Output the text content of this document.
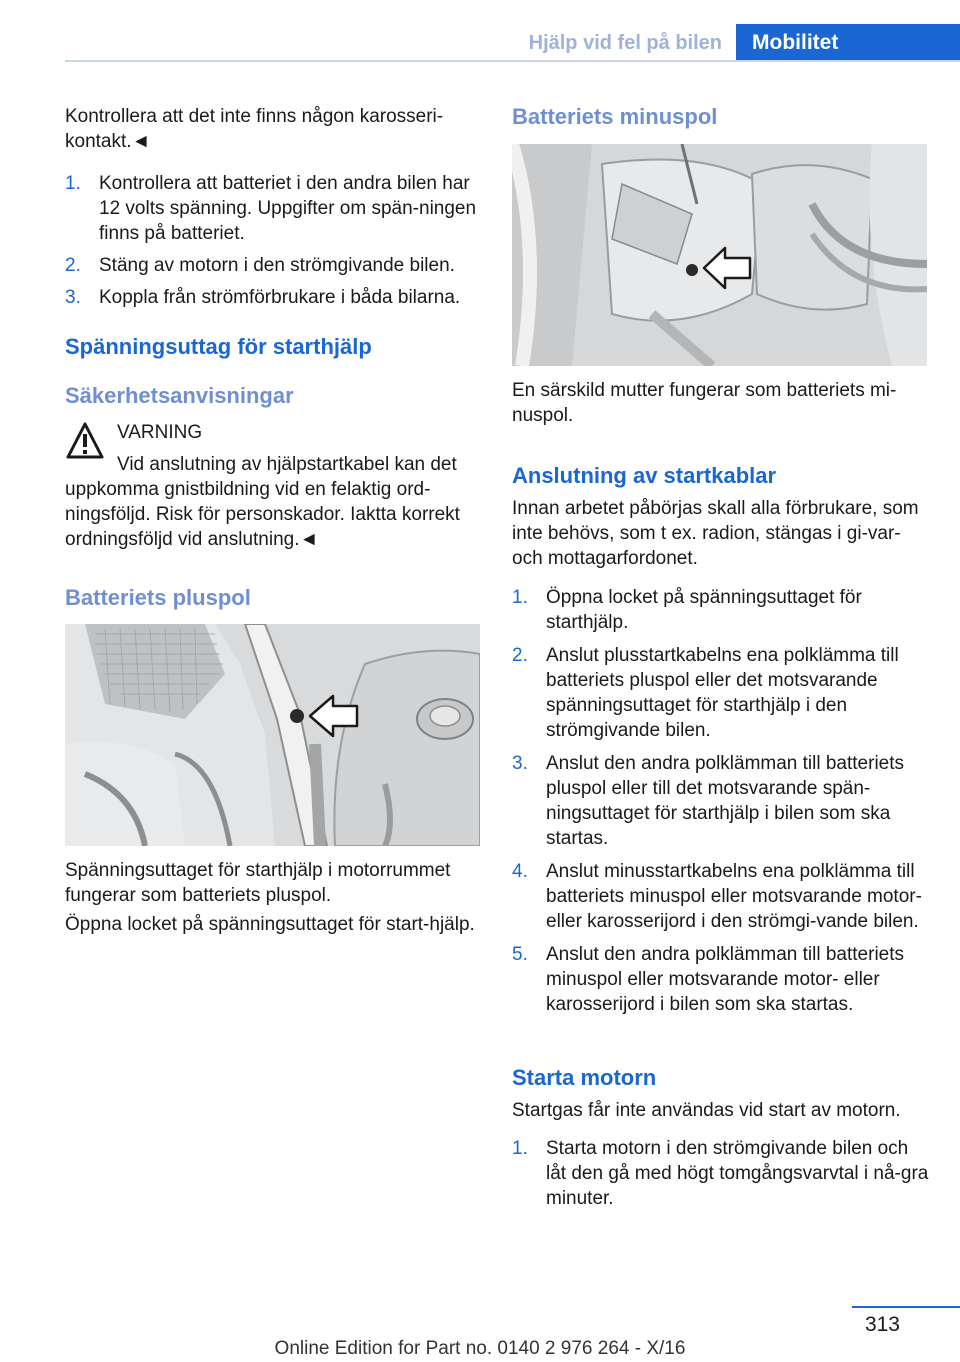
Hjälp vid fel på bilen	Mobilitet

Kontrollera att det inte finns någon karosseri-kontakt.◄

1. Kontrollera att batteriet i den andra bilen har 12 volts spänning. Uppgifter om spän-ningen finns på batteriet.
2. Stäng av motorn i den strömgivande bilen.
3. Koppla från strömförbrukare i båda bilarna.
Spänningsuttag för starthjälp
Säkerhetsanvisningar
VARNING
Vid anslutning av hjälpstartkabel kan det uppkomma gnistbildning vid en felaktig ord-ningsföljd. Risk för personskador. Iaktta korrekt ordningsföljd vid anslutning.◄
Batteriets pluspol
Spänningsuttaget för starthjälp i motorrummet fungerar som batteriets pluspol.
Öppna locket på spänningsuttaget för start-hjälp.
Batteriets minuspol
En särskild mutter fungerar som batteriets mi-nuspol.
Anslutning av startkablar
Innan arbetet påbörjas skall alla förbrukare, som inte behövs, som t ex. radion, stängas i gi-var- och mottagarfordonet.
1. Öppna locket på spänningsuttaget för starthjälp.
2. Anslut plusstartkabelns ena polklämma till batteriets pluspol eller det motsvarande spänningsuttaget för starthjälp i den strömgivande bilen.
3. Anslut den andra polklämman till batteriets pluspol eller till det motsvarande spän-ningsuttaget för starthjälp i bilen som ska startas.
4. Anslut minusstartkabelns ena polklämma till batteriets minuspol eller motsvarande motor- eller karosserijord i den strömgi-vande bilen.
5. Anslut den andra polklämman till batteriets minuspol eller motsvarande motor- eller karosserijord i bilen som ska startas.
Starta motorn
Startgas får inte användas vid start av motorn.
1. Starta motorn i den strömgivande bilen och låt den gå med högt tomgångsvarvtal i nå-gra minuter.
313
Online Edition for Part no. 0140 2 976 264 - X/16
